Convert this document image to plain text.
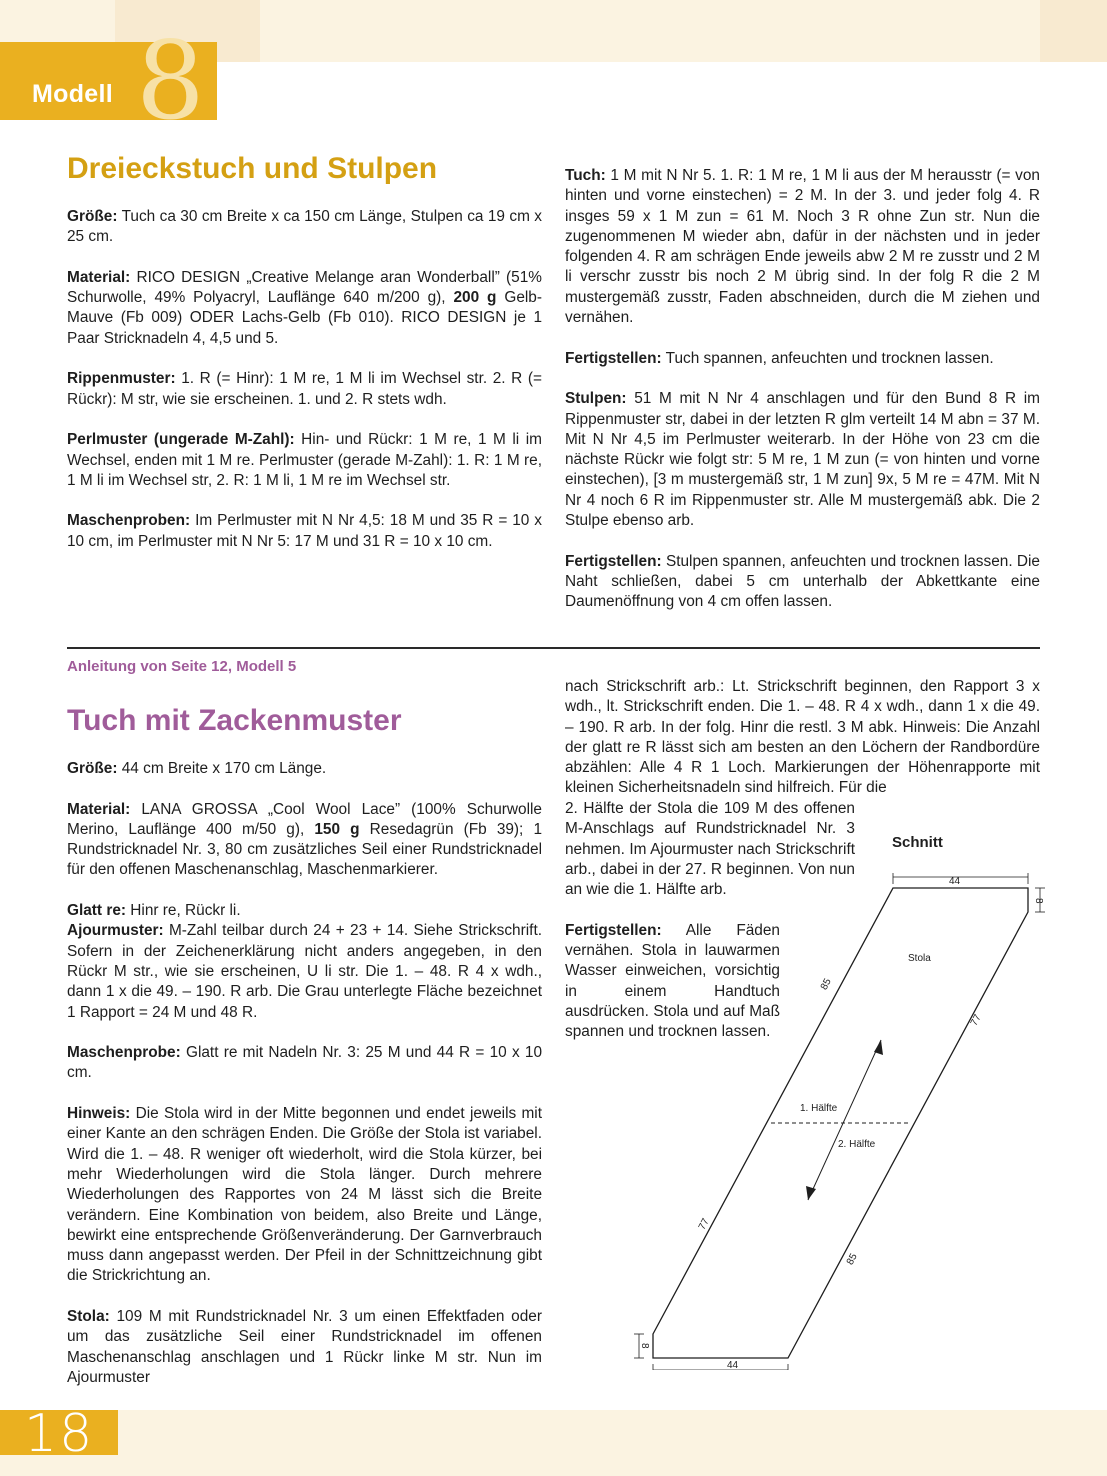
Modell 8
Dreieckstuch und Stulpen

Größe: Tuch ca 30 cm Breite x ca 150 cm Länge, Stulpen ca 19 cm x 25 cm.

Material: RICO DESIGN „Creative Melange aran Wonderball” (51% Schurwolle, 49% Polyacryl, Lauflänge 640 m/200 g), 200 g Gelb-Mauve (Fb 009) ODER Lachs-Gelb (Fb 010). RICO DESIGN je 1 Paar Stricknadeln 4, 4,5 und 5.

Rippenmuster: 1. R (= Hinr): 1 M re, 1 M li im Wechsel str. 2. R (= Rückr): M str, wie sie erscheinen. 1. und 2. R stets wdh.

Perlmuster (ungerade M-Zahl): Hin- und Rückr: 1 M re, 1 M li im Wechsel, enden mit 1 M re. Perlmuster (gerade M-Zahl): 1. R: 1 M re, 1 M li im Wechsel str, 2. R: 1 M li, 1 M re im Wechsel str.

Maschenproben: Im Perlmuster mit N Nr 4,5: 18 M und 35 R = 10 x 10 cm, im Perlmuster mit N Nr 5: 17 M und 31 R = 10 x 10 cm.

Tuch: 1 M mit N Nr 5. 1. R: 1 M re, 1 M li aus der M herausstr (= von hinten und vorne einstechen) = 2 M. In der 3. und jeder folg 4. R insges 59 x 1 M zun = 61 M. Noch 3 R ohne Zun str. Nun die zugenommenen M wieder abn, dafür in der nächsten und in jeder folgenden 4. R am schrägen Ende jeweils abw 2 M re zusstr und 2 M li verschr zusstr bis noch 2 M übrig sind. In der folg R die 2 M mustergemäß zusstr, Faden abschneiden, durch die M ziehen und vernähen.

Fertigstellen: Tuch spannen, anfeuchten und trocknen lassen.

Stulpen: 51 M mit N Nr 4 anschlagen und für den Bund 8 R im Rippenmuster str, dabei in der letzten R glm verteilt 14 M abn = 37 M. Mit N Nr 4,5 im Perlmuster weiterarb. In der Höhe von 23 cm die nächste Rückr wie folgt str: 5 M re, 1 M zun (= von hinten und vorne einstechen), [3 m mustergemäß str, 1 M zun] 9x, 5 M re = 47M. Mit N Nr 4 noch 6 R im Rippenmuster str. Alle M mustergemäß abk. Die 2 Stulpe ebenso arb.

Fertigstellen: Stulpen spannen, anfeuchten und trocknen lassen. Die Naht schließen, dabei 5 cm unterhalb der Abkettkante eine Daumenöffnung von 4 cm offen lassen.

Anleitung von Seite 12, Modell 5
Tuch mit Zackenmuster

Größe: 44 cm Breite x 170 cm Länge.

Material: LANA GROSSA „Cool Wool Lace” (100% Schurwolle Merino, Lauflänge 400 m/50 g), 150 g Resedagrün (Fb 39); 1 Rundstricknadel Nr. 3, 80 cm zusätzliches Seil einer Rundstricknadel für den offenen Maschenanschlag, Maschenmarkierer.

Glatt re: Hinr re, Rückr li.

Ajourmuster: M-Zahl teilbar durch 24 + 23 + 14. Siehe Strickschrift. Sofern in der Zeichenerklärung nicht anders angegeben, in den Rückr M str., wie sie erscheinen, U li str. Die 1. – 48. R 4 x wdh., dann 1 x die 49. – 190. R arb. Die Grau unterlegte Fläche bezeichnet 1 Rapport = 24 M und 48 R.

Maschenprobe: Glatt re mit Nadeln Nr. 3: 25 M und 44 R = 10 x 10 cm.

Hinweis: Die Stola wird in der Mitte begonnen und endet jeweils mit einer Kante an den schrägen Enden. Die Größe der Stola ist variabel. Wird die 1. – 48. R weniger oft wiederholt, wird die Stola kürzer, bei mehr Wiederholungen wird die Stola länger. Durch mehrere Wiederholungen des Rapportes von 24 M lässt sich die Breite verändern. Eine Kombination von beidem, also Breite und Länge, bewirkt eine entsprechende Größenveränderung. Der Garnverbrauch muss dann angepasst werden. Der Pfeil in der Schnittzeichnung gibt die Strickrichtung an.

Stola: 109 M mit Rundstricknadel Nr. 3 um einen Effektfaden oder um das zusätzliche Seil einer Rundstricknadel im offenen Maschenanschlag anschlagen und 1 Rückr linke M str. Nun im Ajourmuster

nach Strickschrift arb.: Lt. Strickschrift beginnen, den Rapport 3 x wdh., lt. Strickschrift enden. Die 1. – 48. R 4 x wdh., dann 1 x die 49. – 190. R arb. In der folg. Hinr die restl. 3 M abk. Hinweis: Die Anzahl der glatt re R lässt sich am besten an den Löchern der Randbordüre abzählen: Alle 4 R 1 Loch. Markierungen der Höhenrapporte mit kleinen Sicherheitsnadeln sind hilfreich. Für die

2. Hälfte der Stola die 109 M des offenen M-Anschlags auf Rundstricknadel Nr. 3 nehmen. Im Ajourmuster nach Strickschrift arb., dabei in der 27. R beginnen. Von nun an wie die 1. Hälfte arb.

Fertigstellen: Alle Fäden vernähen. Stola in lauwarmen Wasser einweichen, vorsichtig in einem Handtuch ausdrücken. Stola und auf Maß spannen und trocknen lassen.

Schnitt
44
8
44
8
85
77
77
85
Stola
1. Hälfte
2. Hälfte
18
